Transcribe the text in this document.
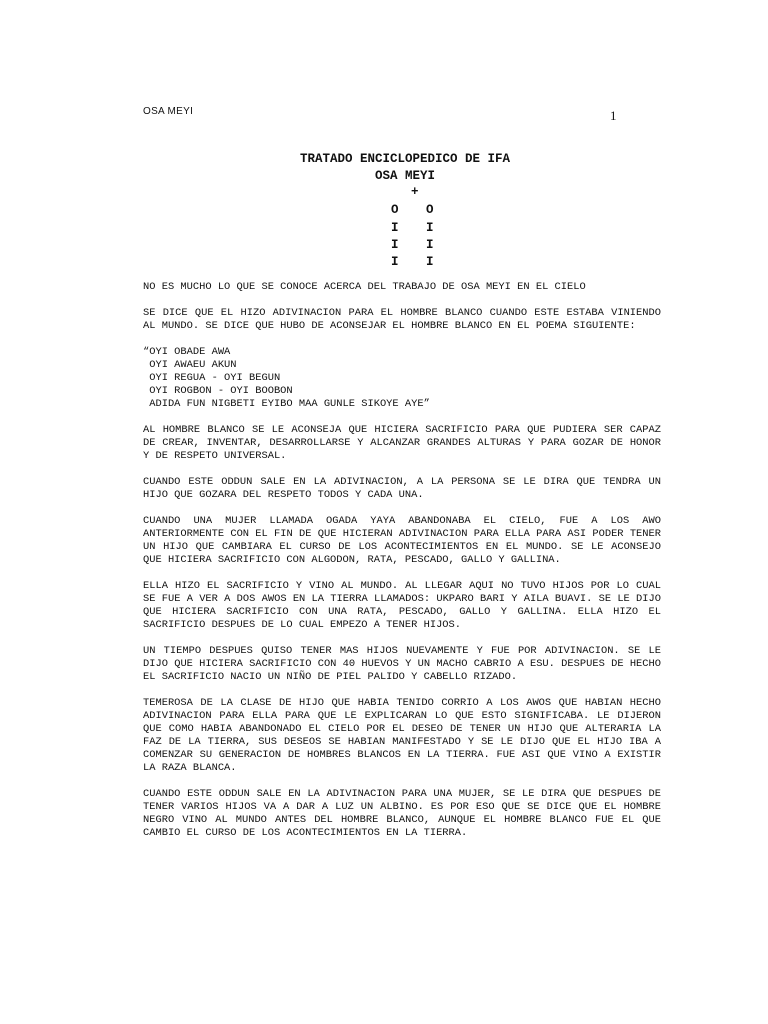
OSA MEYI	1
TRATADO ENCICLOPEDICO DE IFA
OSA MEYI
+
O O
I I
I I
I I

NO ES MUCHO LO QUE SE CONOCE ACERCA DEL TRABAJO DE OSA MEYI EN EL CIELO

SE DICE QUE EL HIZO ADIVINACION PARA EL HOMBRE BLANCO CUANDO ESTE ESTABA VINIENDO AL MUNDO. SE DICE QUE HUBO DE ACONSEJAR EL HOMBRE BLANCO EN EL POEMA SIGUIENTE:

“OYI OBADE AWA
OYI AWAEU AKUN
OYI REGUA - OYI BEGUN
OYI ROGBON - OYI BOOBON
ADIDA FUN NIGBETI EYIBO MAA GUNLE SIKOYE AYE”

AL HOMBRE BLANCO SE LE ACONSEJA QUE HICIERA SACRIFICIO PARA QUE PUDIERA SER CAPAZ DE CREAR, INVENTAR, DESARROLLARSE Y ALCANZAR GRANDES ALTURAS Y PARA GOZAR DE HONOR Y DE RESPETO UNIVERSAL.

CUANDO ESTE ODDUN SALE EN LA ADIVINACION, A LA PERSONA SE LE DIRA QUE TENDRA UN HIJO QUE GOZARA DEL RESPETO TODOS Y CADA UNA.

CUANDO UNA MUJER LLAMADA OGADA YAYA ABANDONABA EL CIELO, FUE A LOS AWO ANTERIORMENTE CON EL FIN DE QUE HICIERAN ADIVINACION PARA ELLA PARA ASI PODER TENER UN HIJO QUE CAMBIARA EL CURSO DE LOS ACONTECIMIENTOS EN EL MUNDO. SE LE ACONSEJO QUE HICIERA SACRIFICIO CON ALGODON, RATA, PESCADO, GALLO Y GALLINA.

ELLA HIZO EL SACRIFICIO Y VINO AL MUNDO. AL LLEGAR AQUI NO TUVO HIJOS POR LO CUAL SE FUE A VER A DOS AWOS EN LA TIERRA LLAMADOS: UKPARO BARI Y AILA BUAVI. SE LE DIJO QUE HICIERA SACRIFICIO CON UNA RATA, PESCADO, GALLO Y GALLINA. ELLA HIZO EL SACRIFICIO DESPUES DE LO CUAL EMPEZO A TENER HIJOS.

UN TIEMPO DESPUES QUISO TENER MAS HIJOS NUEVAMENTE Y FUE POR ADIVINACION. SE LE DIJO QUE HICIERA SACRIFICIO CON 40 HUEVOS Y UN MACHO CABRIO A ESU. DESPUES DE HECHO EL SACRIFICIO NACIO UN NIÑO DE PIEL PALIDO Y CABELLO RIZADO.

TEMEROSA DE LA CLASE DE HIJO QUE HABIA TENIDO CORRIO A LOS AWOS QUE HABIAN HECHO ADIVINACION PARA ELLA PARA QUE LE EXPLICARAN LO QUE ESTO SIGNIFICABA. LE DIJERON QUE COMO HABIA ABANDONADO EL CIELO POR EL DESEO DE TENER UN HIJO QUE ALTERARIA LA FAZ DE LA TIERRA, SUS DESEOS SE HABIAN MANIFESTADO Y SE LE DIJO QUE EL HIJO IBA A COMENZAR SU GENERACION DE HOMBRES BLANCOS EN LA TIERRA. FUE ASI QUE VINO A EXISTIR LA RAZA BLANCA.

CUANDO ESTE ODDUN SALE EN LA ADIVINACION PARA UNA MUJER, SE LE DIRA QUE DESPUES DE TENER VARIOS HIJOS VA A DAR A LUZ UN ALBINO. ES POR ESO QUE SE DICE QUE EL HOMBRE NEGRO VINO AL MUNDO ANTES DEL HOMBRE BLANCO, AUNQUE EL HOMBRE BLANCO FUE EL QUE CAMBIO EL CURSO DE LOS ACONTECIMIENTOS EN LA TIERRA.
